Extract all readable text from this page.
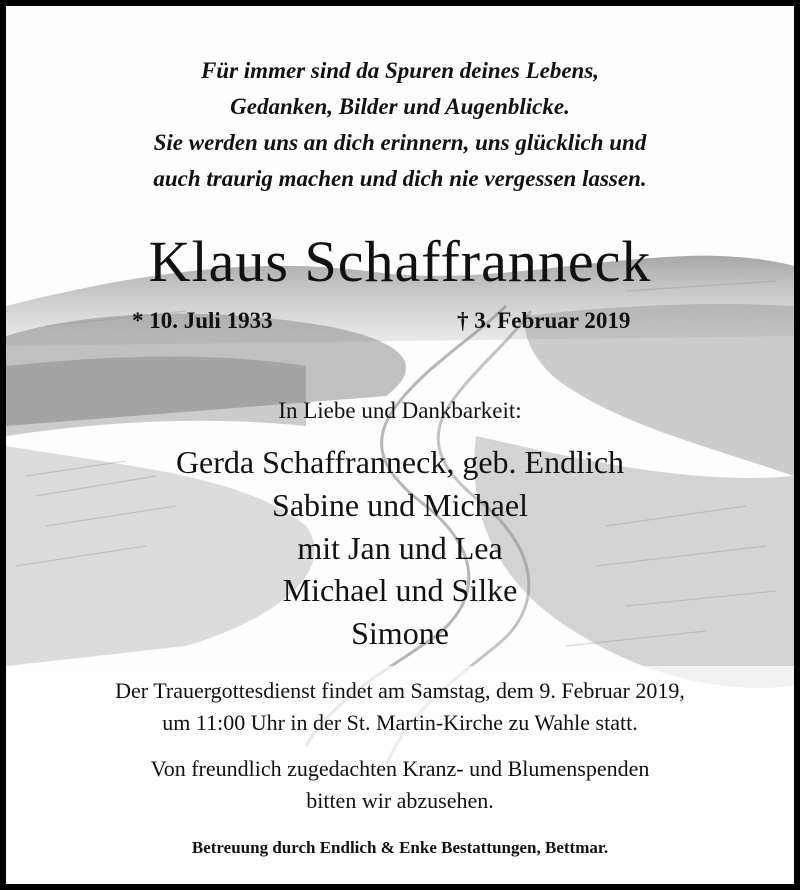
Für immer sind da Spuren deines Lebens,
Gedanken, Bilder und Augenblicke.
Sie werden uns an dich erinnern, uns glücklich und
auch traurig machen und dich nie vergessen lassen.
Klaus Schaffranneck
* 10. Juli 1933	† 3. Februar 2019
In Liebe und Dankbarkeit:
Gerda Schaffranneck, geb. Endlich
Sabine und Michael
mit Jan und Lea
Michael und Silke
Simone
Der Trauergottesdienst findet am Samstag, dem 9. Februar 2019,
um 11:00 Uhr in der St. Martin-Kirche zu Wahle statt.
Von freundlich zugedachten Kranz- und Blumenspenden
bitten wir abzusehen.
Betreuung durch Endlich & Enke Bestattungen, Bettmar.
